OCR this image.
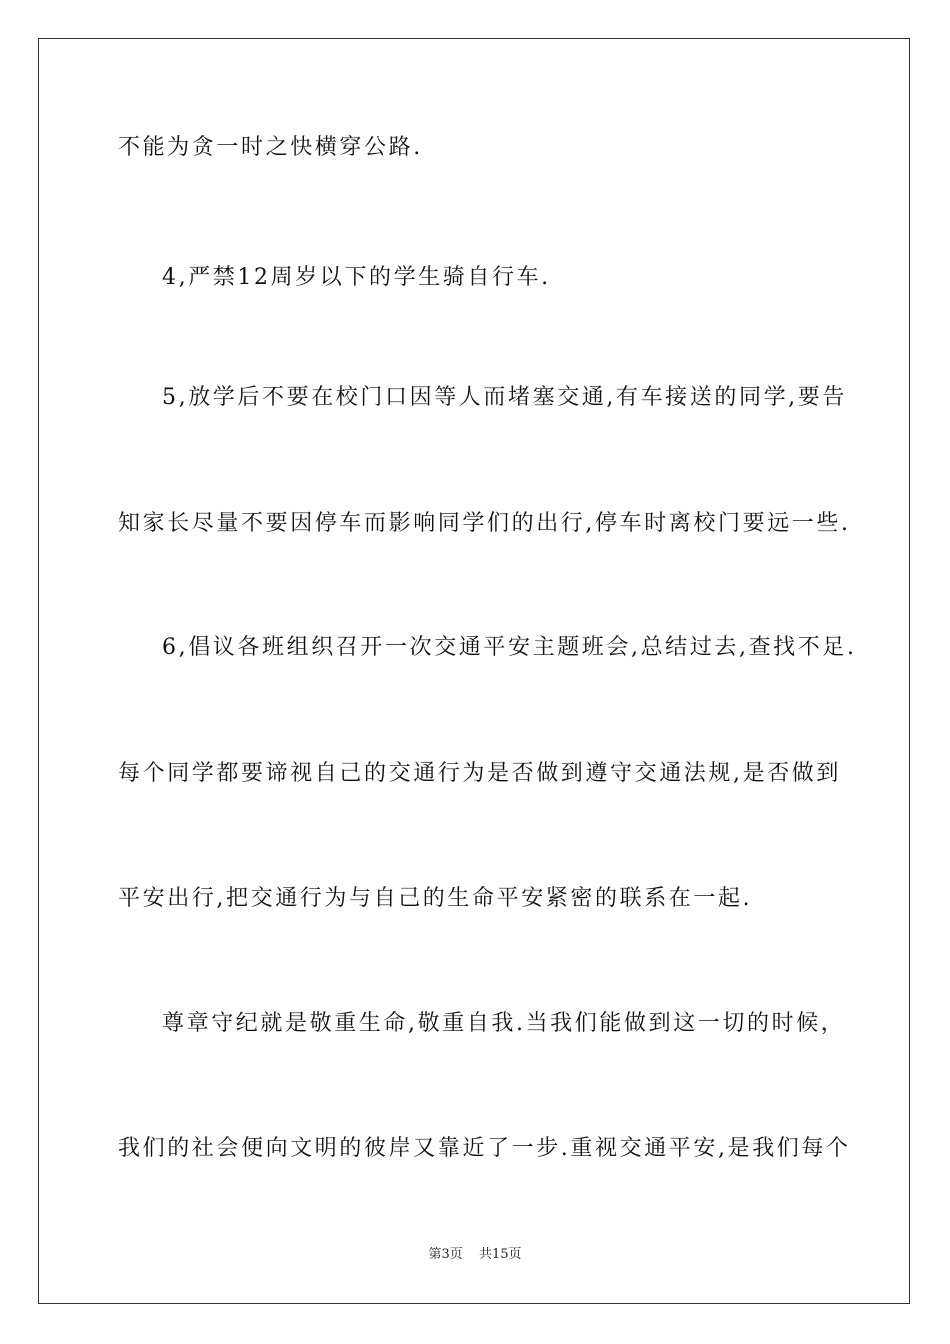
不能为贪一时之快横穿公路.
4,严禁12周岁以下的学生骑自行车.
5,放学后不要在校门口因等人而堵塞交通,有车接送的同学,要告
知家长尽量不要因停车而影响同学们的出行,停车时离校门要远一些.
6,倡议各班组织召开一次交通平安主题班会,总结过去,查找不足.
每个同学都要谛视自己的交通行为是否做到遵守交通法规,是否做到
平安出行,把交通行为与自己的生命平安紧密的联系在一起.
尊章守纪就是敬重生命,敬重自我.当我们能做到这一切的时候，
我们的社会便向文明的彼岸又靠近了一步.重视交通平安,是我们每个
第3页 共15页
